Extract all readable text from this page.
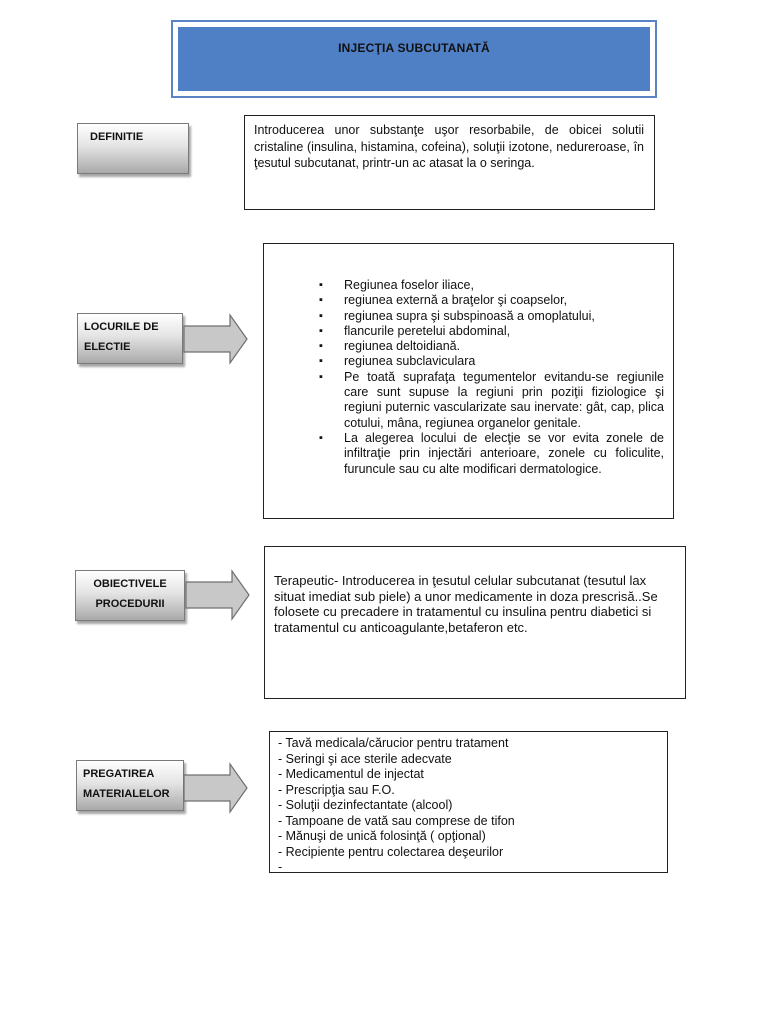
INJECŢIA SUBCUTANATĂ
DEFINITIE	Introducerea unor substanţe uşor resorbabile, de obicei solutii cristaline (insulina, histamina, cofeina), soluţii izotone, nedureroase, în ţesutul subcutanat, printr-un ac atasat la o seringa.
LOCURILE DE
ELECTIE
▪ Regiunea foselor iliace,
▪ regiunea externă a braţelor şi coapselor,
▪ regiunea supra şi subspinoasă a omoplatului,
▪ flancurile peretelui abdominal,
▪ regiunea deltoidiană.
▪ regiunea subclaviculara
▪ Pe toată suprafaţa tegumentelor evitandu-se regiunile care sunt supuse la regiuni prin poziţii fiziologice şi regiuni puternic vascularizate sau inervate: gât, cap, plica cotului, mâna, regiunea organelor genitale.
▪ La alegerea locului de elecţie se vor evita zonele de infiltraţie prin injectări anterioare, zonele cu foliculite, furuncule sau cu alte modificari dermatologice.
OBIECTIVELE
PROCEDURII
Terapeutic- Introducerea in ţesutul celular subcutanat (tesutul lax situat imediat sub piele) a unor medicamente in doza prescrisă..Se folosete cu precadere in tratamentul cu insulina pentru diabetici si tratamentul cu anticoagulante,betaferon etc.
PREGATIREA
MATERIALELOR
- Tavă medicala/cărucior pentru tratament
- Seringi şi ace sterile adecvate
- Medicamentul de injectat
- Prescripţia sau F.O.
- Soluţii dezinfectantate (alcool)
- Tampoane de vată sau comprese de tifon
- Mănuşi de unică folosinţă ( opţional)
- Recipiente pentru colectarea deşeurilor
-
